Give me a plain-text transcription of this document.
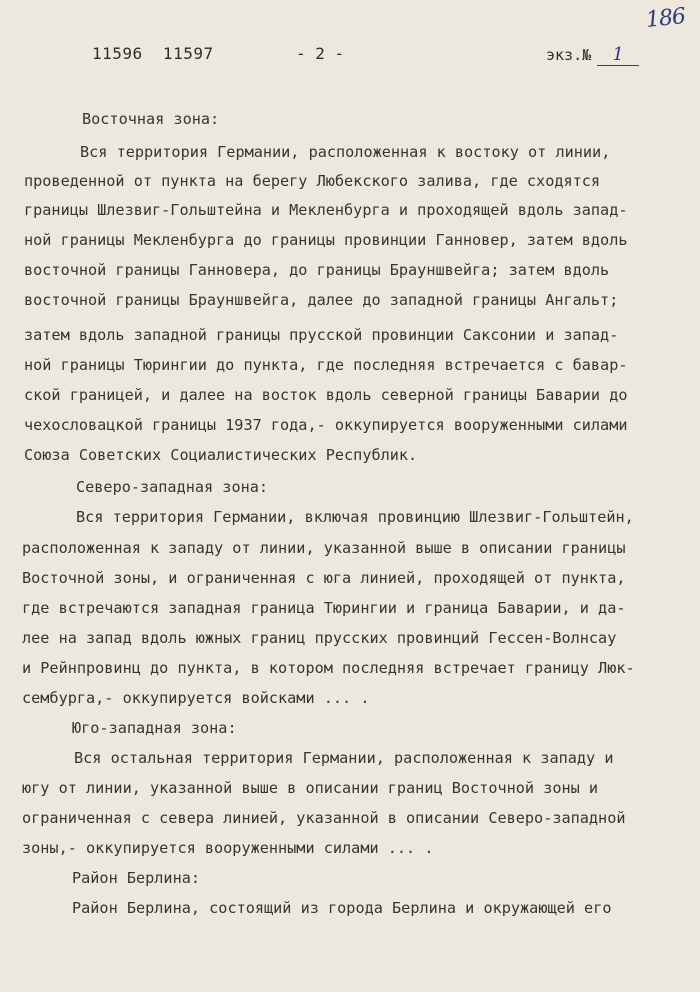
186
11596  11597	- 2 -	экз.№ 1
Восточная зона:
Вся территория Германии, расположенная к востоку от линии,
проведенной от пункта на берегу Любекского залива, где сходятся
границы Шлезвиг-Гольштейна и Мекленбурга и проходящей вдоль запад-
ной границы Мекленбурга до границы провинции Ганновер, затем вдоль
восточной границы Ганновера, до границы Брауншвейга; затем вдоль
восточной границы Брауншвейга, далее до западной границы Ангальт;
затем вдоль западной границы прусской провинции Саксонии и запад-
ной границы Тюрингии до пункта, где последняя встречается с бавар-
ской границей, и далее на восток вдоль северной границы Баварии до
чехословацкой границы 1937 года,- оккупируется вооруженными силами
Союза Советских Социалистических Республик.
Северо-западная зона:
Вся территория Германии, включая провинцию Шлезвиг-Гольштейн,
расположенная к западу от линии, указанной выше в описании границы
Восточной зоны, и ограниченная с юга линией, проходящей от пункта,
где встречаются западная граница Тюрингии и граница Баварии, и да-
лее на запад вдоль южных границ прусских провинций Гессен-Волнсау
и Рейнпровинц до пункта, в котором последняя встречает границу Люк-
сембурга,- оккупируется войсками ... .
Юго-западная зона:
Вся остальная территория Германии, расположенная к западу и
югу от линии, указанной выше в описании границ Восточной зоны и
ограниченная с севера линией, указанной в описании Северо-западной
зоны,- оккупируется вооруженными силами ... .
Район Берлина:
Район Берлина, состоящий из города Берлина и окружающей его
